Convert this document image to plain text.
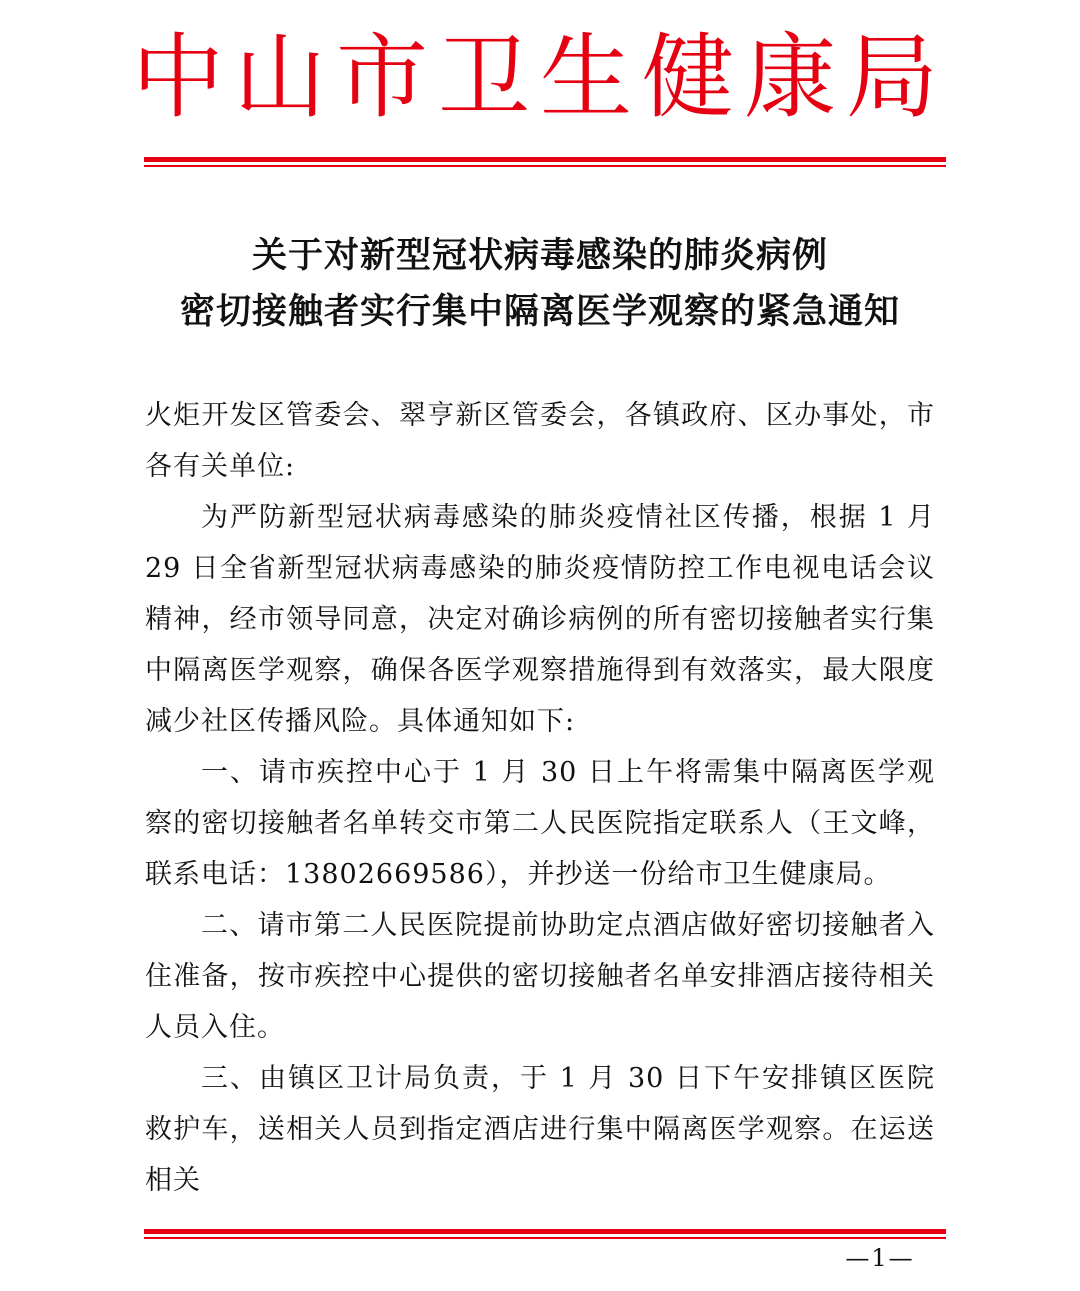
中山市卫生健康局
关于对新型冠状病毒感染的肺炎病例
密切接触者实行集中隔离医学观察的紧急通知

火炬开发区管委会、翠亨新区管委会，各镇政府、区办事处，市各有关单位:

为严防新型冠状病毒感染的肺炎疫情社区传播，根据 1 月 29 日全省新型冠状病毒感染的肺炎疫情防控工作电视电话会议精神，经市领导同意，决定对确诊病例的所有密切接触者实行集中隔离医学观察，确保各医学观察措施得到有效落实，最大限度减少社区传播风险。具体通知如下:

一、请市疾控中心于 1 月 30 日上午将需集中隔离医学观察的密切接触者名单转交市第二人民医院指定联系人（王文峰，联系电话：13802669586），并抄送一份给市卫生健康局。

二、请市第二人民医院提前协助定点酒店做好密切接触者入住准备，按市疾控中心提供的密切接触者名单安排酒店接待相关人员入住。

三、由镇区卫计局负责，于 1 月 30 日下午安排镇区医院救护车，送相关人员到指定酒店进行集中隔离医学观察。在运送相关

—1—
